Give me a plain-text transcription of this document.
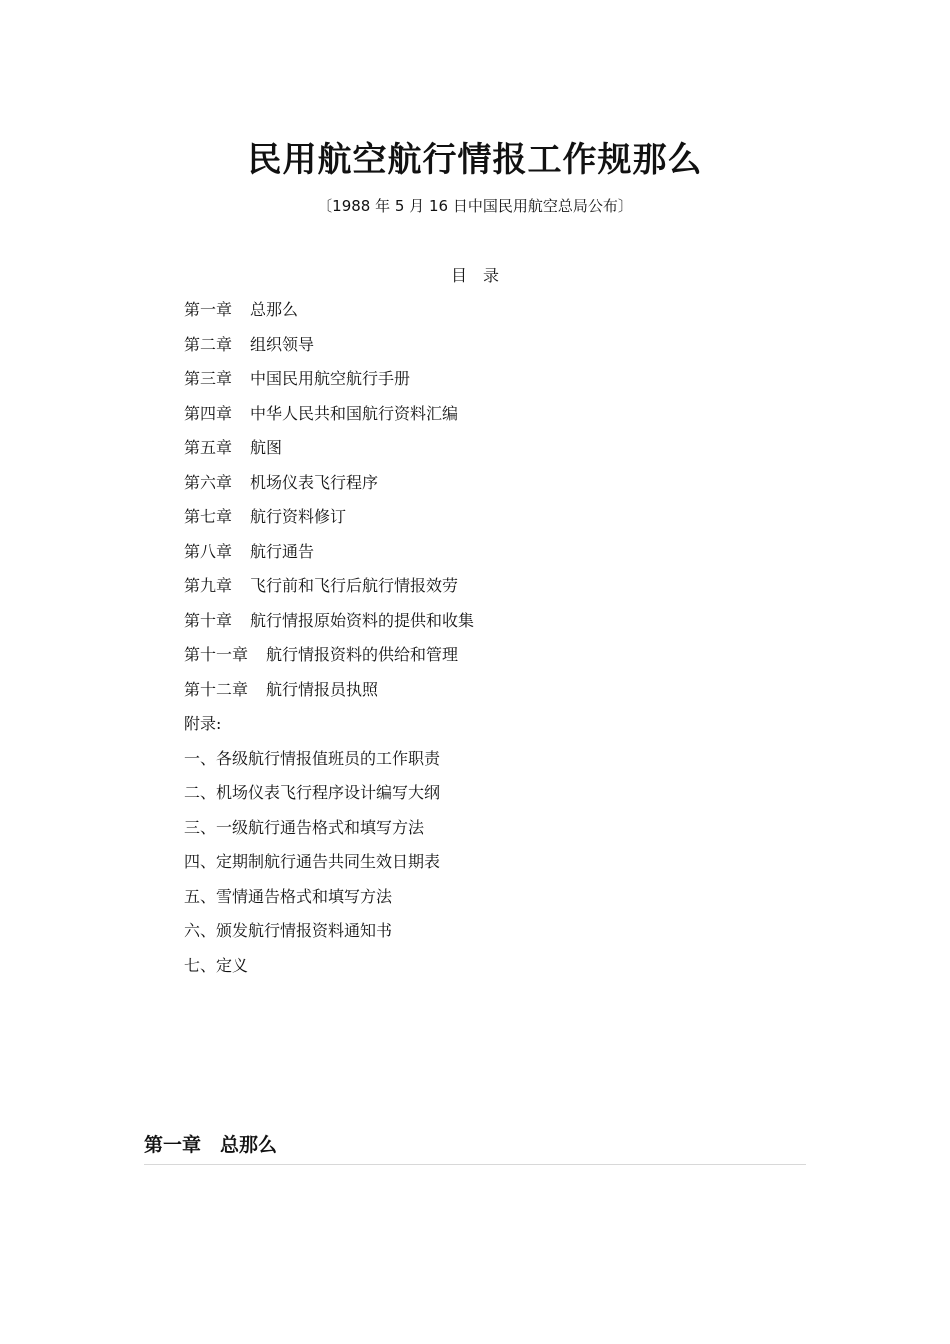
民用航空航行情报工作规那么
〔1988 年 5 月 16 日中国民用航空总局公布〕
目　录
第一章 总那么
第二章 组织领导
第三章 中国民用航空航行手册
第四章 中华人民共和国航行资料汇编
第五章 航图
第六章 机场仪表飞行程序
第七章 航行资料修订
第八章 航行通告
第九章 飞行前和飞行后航行情报效劳
第十章 航行情报原始资料的提供和收集
第十一章 航行情报资料的供给和管理
第十二章 航行情报员执照
附录:
一、各级航行情报值班员的工作职责
二、机场仪表飞行程序设计编写大纲
三、一级航行通告格式和填写方法
四、定期制航行通告共同生效日期表
五、雪情通告格式和填写方法
六、颁发航行情报资料通知书
七、定义
第一章　总那么
